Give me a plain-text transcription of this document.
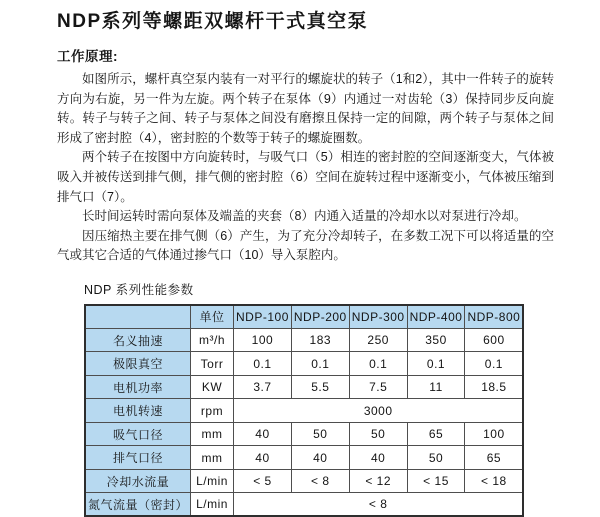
NDP系列等螺距双螺杆干式真空泵
工作原理:

如图所示，螺杆真空泵内装有一对平行的螺旋状的转子（1和2），其中一件转子的旋转方向为右旋，另一件为左旋。两个转子在泵体（9）内通过一对齿轮（3）保持同步反向旋转。转子与转子之间、转子与泵体之间没有磨擦且保持一定的间隙，两个转子与泵体之间形成了密封腔（4），密封腔的个数等于转子的螺旋圈数。

两个转子在按图中方向旋转时，与吸气口（5）相连的密封腔的空间逐渐变大，气体被吸入并被传送到排气侧，排气侧的密封腔（6）空间在旋转过程中逐渐变小，气体被压缩到排气口（7）。

长时间运转时需向泵体及端盖的夹套（8）内通入适量的冷却水以对泵进行冷却。

因压缩热主要在排气侧（6）产生，为了充分冷却转子，在多数工况下可以将适量的空气或其它合适的气体通过掺气口（10）导入泵腔内。

NDP 系列性能参数
	单位	NDP-100	NDP-200	NDP-300	NDP-400	NDP-800
名义抽速	m³/h	100	183	250	350	600
极限真空	Torr	0.1	0.1	0.1	0.1	0.1
电机功率	KW	3.7	5.5	7.5	11	18.5
电机转速	rpm	3000				
吸气口径	mm	40	50	50	65	100
排气口径	mm	40	40	40	50	65
冷却水流量	L/min	< 5	< 8	< 12	< 15	< 18
氮气流量（密封）	L/min	< 8				
